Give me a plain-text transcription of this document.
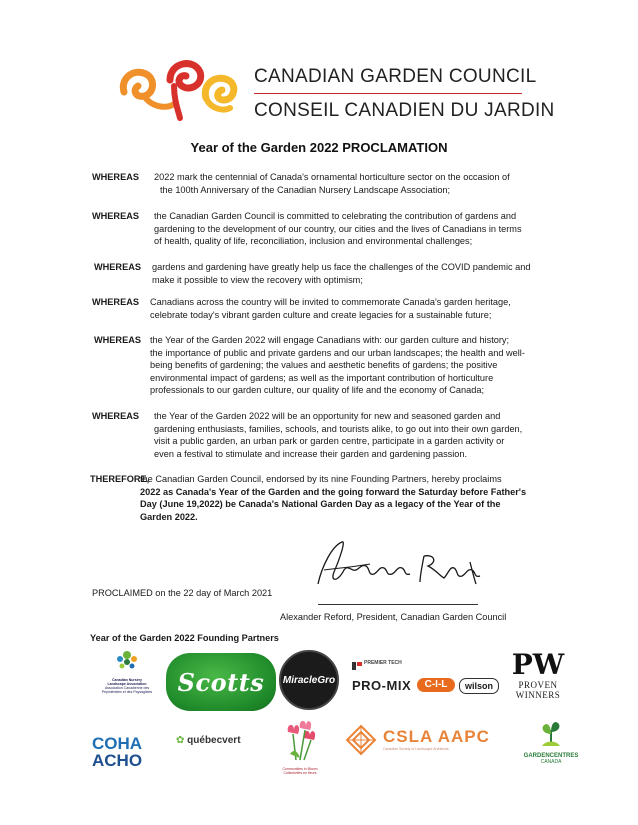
CANADIAN GARDEN COUNCIL
CONSEIL CANADIEN DU JARDIN
Year of the Garden 2022 PROCLAMATION
WHEREAS 2022 mark the centennial of Canada's ornamental horticulture sector on the occasion of

the 100th Anniversary of the Canadian Nursery Landscape Association;

WHEREAS the Canadian Garden Council is committed to celebrating the contribution of gardens and

gardening to the development of our country, our cities and the lives of Canadians in terms

of health, quality of life, reconciliation, inclusion and environmental challenges;

WHEREAS gardens and gardening have greatly help us face the challenges of the COVID pandemic and

make it possible to view the recovery with optimism;

WHEREAS Canadians across the country will be invited to commemorate Canada's garden heritage,

celebrate today's vibrant garden culture and create legacies for a sustainable future;

WHEREAS the Year of the Garden 2022 will engage Canadians with: our garden culture and history;

the importance of public and private gardens and our urban landscapes; the health and well-

being benefits of gardening; the values and aesthetic benefits of gardens; the positive

environmental impact of gardens; as well as the important contribution of horticulture

professionals to our garden culture, our quality of life and the economy of Canada;

WHEREAS the Year of the Garden 2022 will be an opportunity for new and seasoned garden and

gardening enthusiasts, families, schools, and tourists alike, to go out into their own garden,

visit a public garden, an urban park or garden centre, participate in a garden activity or

even a festival to stimulate and increase their garden and gardening passion.

THEREFORE,

the Canadian Garden Council, endorsed by its nine Founding Partners, hereby proclaims

2022 as Canada's Year of the Garden and the going forward the Saturday before Father's

Day (June 19,2022) be Canada's National Garden Day as a legacy of the Year of the

Garden 2022.

PROCLAIMED on the 22 day of March 2021
Alexander Reford, President, Canadian Garden Council
Year of the Garden 2022 Founding Partners
Canadian Nursery
Landscape Association
Association Canadienne des
Pépiniéristes et des Paysagistes	Scotts MiracleGro
PREMIER TECH
PRO-MIX	C-I-L	wilson
PW
PROVEN
WINNERS
COHA
ACHO
✿ québecvert
Communities in Bloom
Collectivités en fleurs
CSLA AAPC
Canadian Society of Landscape Architects
GARDENCENTRES
CANADA
